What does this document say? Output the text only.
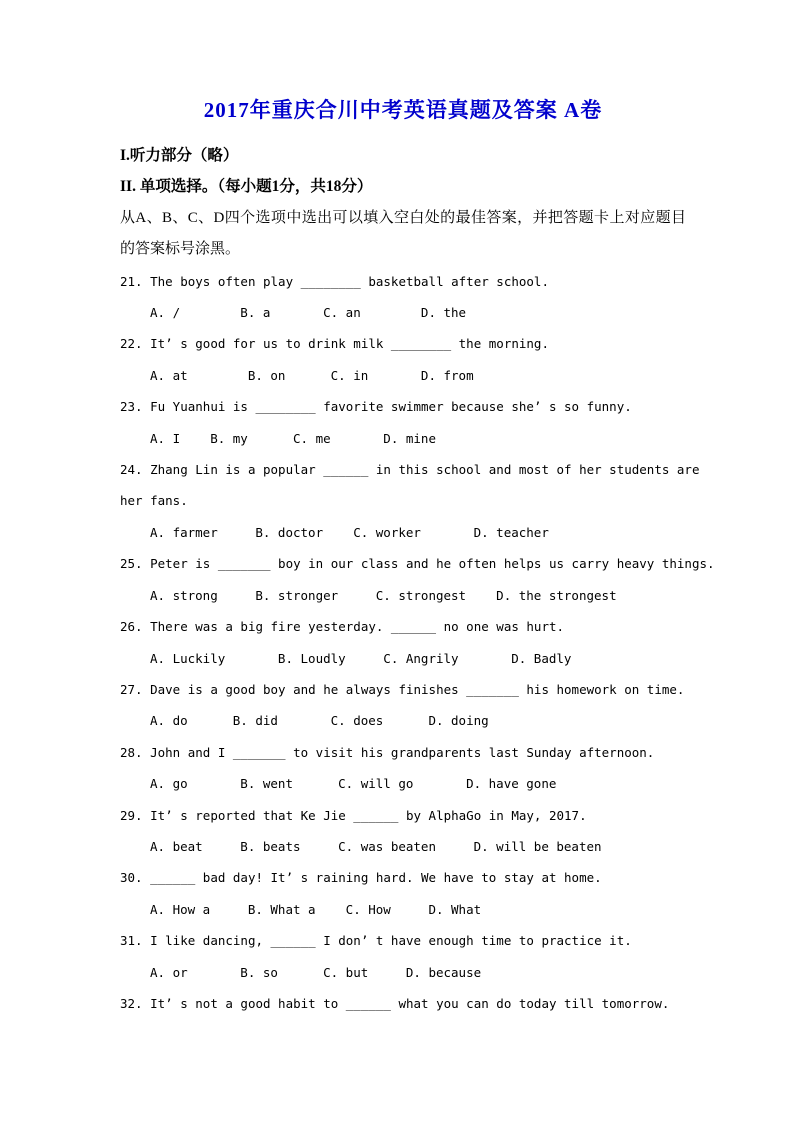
2017年重庆合川中考英语真题及答案 A卷

I.听力部分（略）

II. 单项选择。（每小题1分，共18分）

从A、B、C、D四个选项中选出可以填入空白处的最佳答案，并把答题卡上对应题目的答案标号涂黑。

21. The boys often play ________ basketball after school.

A. /        B. a       C. an        D. the

22. It’ s good for us to drink milk ________ the morning.

A. at        B. on      C. in       D. from

23. Fu Yuanhui is ________ favorite swimmer because she’ s so funny.

A. I    B. my      C. me       D. mine

24. Zhang Lin is a popular ______ in this school and most of her students are

her fans.

A. farmer     B. doctor    C. worker       D. teacher

25. Peter is _______ boy in our class and he often helps us carry heavy things.

A. strong     B. stronger     C. strongest    D. the strongest

26. There was a big fire yesterday. ______ no one was hurt.

A. Luckily       B. Loudly     C. Angrily       D. Badly

27. Dave is a good boy and he always finishes _______ his homework on time.

A. do      B. did       C. does      D. doing

28. John and I _______ to visit his grandparents last Sunday afternoon.

A. go       B. went      C. will go       D. have gone

29. It’ s reported that Ke Jie ______ by AlphaGo in May, 2017.

A. beat     B. beats     C. was beaten     D. will be beaten

30. ______ bad day! It’ s raining hard. We have to stay at home.

A. How a     B. What a    C. How     D. What

31. I like dancing, ______ I don’ t have enough time to practice it.

A. or       B. so      C. but     D. because

32. It’ s not a good habit to ______ what you can do today till tomorrow.
